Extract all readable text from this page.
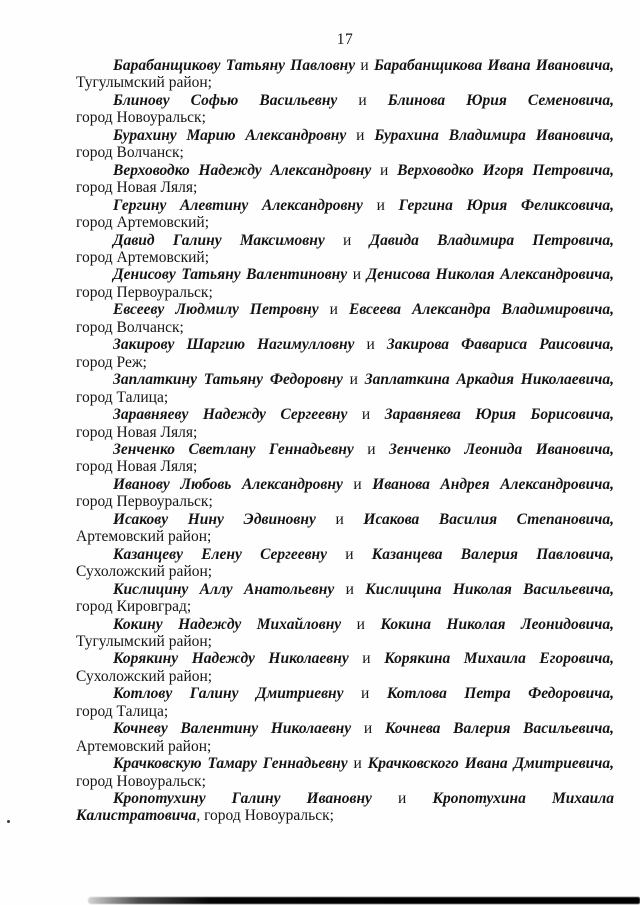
17

Барабанщикову Татьяну Павловну и Барабанщикова Ивана Ивановича,
Тугулымский район;

Блинову Софью Васильевну и Блинова Юрия Семеновича,
город Новоуральск;

Бурахину Марию Александровну и Бурахина Владимира Ивановича,
город Волчанск;

Верховодко Надежду Александровну и Верховодко Игоря Петровича,
город Новая Ляля;

Гергину Алевтину Александровну и Гергина Юрия Феликсовича,
город Артемовский;

Давид Галину Максимовну и Давида Владимира Петровича,
город Артемовский;

Денисову Татьяну Валентиновну и Денисова Николая Александровича,
город Первоуральск;

Евсееву Людмилу Петровну и Евсеева Александра Владимировича,
город Волчанск;

Закирову Шаргию Нагимулловну и Закирова Фавариса Раисовича,
город Реж;

Заплаткину Татьяну Федоровну и Заплаткина Аркадия Николаевича,
город Талица;

Заравняеву Надежду Сергеевну и Заравняева Юрия Борисовича,
город Новая Ляля;

Зенченко Светлану Геннадьевну и Зенченко Леонида Ивановича,
город Новая Ляля;

Иванову Любовь Александровну и Иванова Андрея Александровича,
город Первоуральск;

Исакову Нину Эдвиновну и Исакова Василия Степановича,
Артемовский район;

Казанцеву Елену Сергеевну и Казанцева Валерия Павловича,
Сухоложский район;

Кислицину Аллу Анатольевну и Кислицина Николая Васильевича,
город Кировград;

Кокину Надежду Михайловну и Кокина Николая Леонидовича,
Тугулымский район;

Корякину Надежду Николаевну и Корякина Михаила Егоровича,
Сухоложский район;

Котлову Галину Дмитриевну и Котлова Петра Федоровича,
город Талица;

Кочневу Валентину Николаевну и Кочнева Валерия Васильевича,
Артемовский район;

Крачковскую Тамару Геннадьевну и Крачковского Ивана Дмитриевича,
город Новоуральск;

Кропотухину Галину Ивановну и Кропотухина Михаила
Калистратовича, город Новоуральск;
